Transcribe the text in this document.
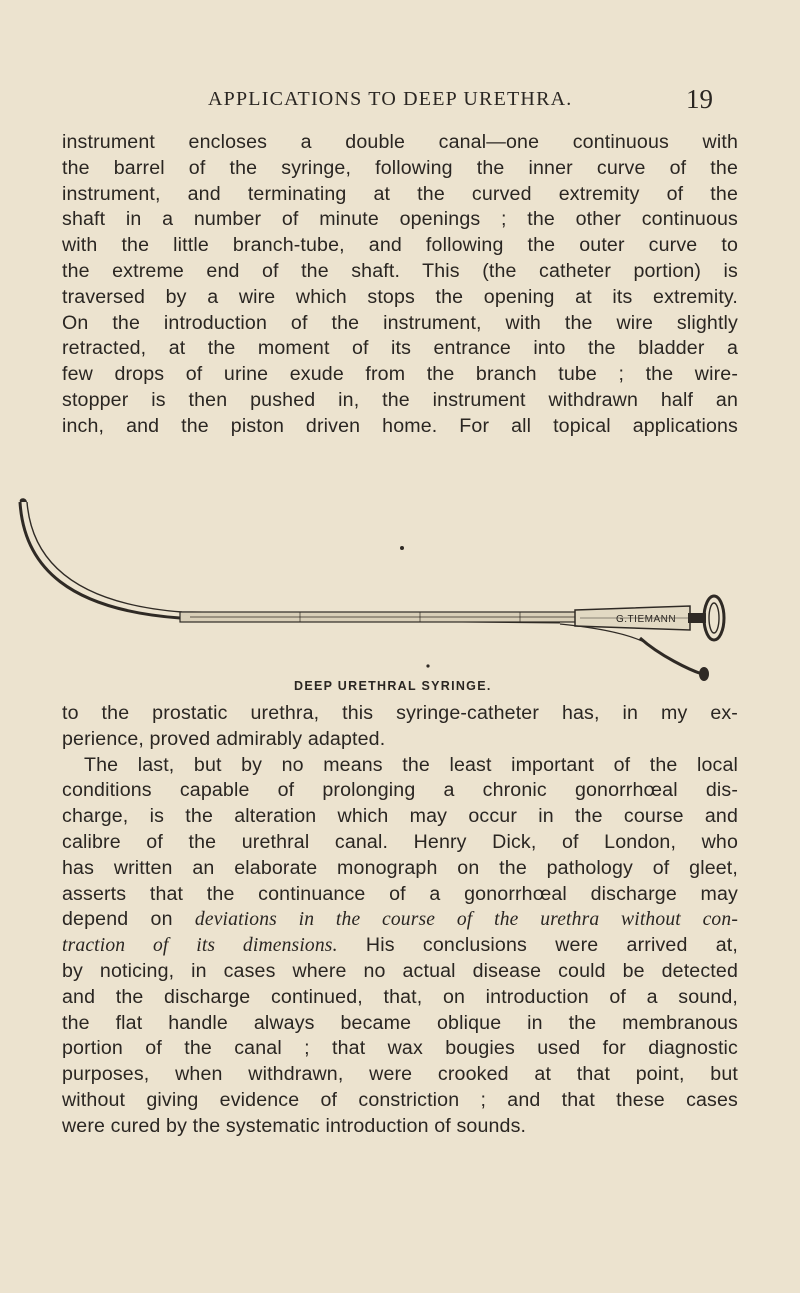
APPLICATIONS TO DEEP URETHRA.	19

instrument encloses a double canal—one continuous with

the barrel of the syringe, following the inner curve of the

instrument, and terminating at the curved extremity of the

shaft in a number of minute openings ; the other continuous

with the little branch-tube, and following the outer curve to

the extreme end of the shaft. This (the catheter portion) is

traversed by a wire which stops the opening at its extremity.

On the introduction of the instrument, with the wire slightly

retracted, at the moment of its entrance into the bladder a

few drops of urine exude from the branch tube ; the wire-

stopper is then pushed in, the instrument withdrawn half an

inch, and the piston driven home. For all topical applications

G.TIEMANN
DEEP URETHRAL SYRINGE.

to the prostatic urethra, this syringe-catheter has, in my ex-

perience, proved admirably adapted.

The last, but by no means the least important of the local

conditions capable of prolonging a chronic gonorrhœal dis-

charge, is the alteration which may occur in the course and

calibre of the urethral canal. Henry Dick, of London, who

has written an elaborate monograph on the pathology of gleet,

asserts that the continuance of a gonorrhœal discharge may

depend on deviations in the course of the urethra without con-

traction of its dimensions. His conclusions were arrived at,

by noticing, in cases where no actual disease could be detected

and the discharge continued, that, on introduction of a sound,

the flat handle always became oblique in the membranous

portion of the canal ; that wax bougies used for diagnostic

purposes, when withdrawn, were crooked at that point, but

without giving evidence of constriction ; and that these cases

were cured by the systematic introduction of sounds.
